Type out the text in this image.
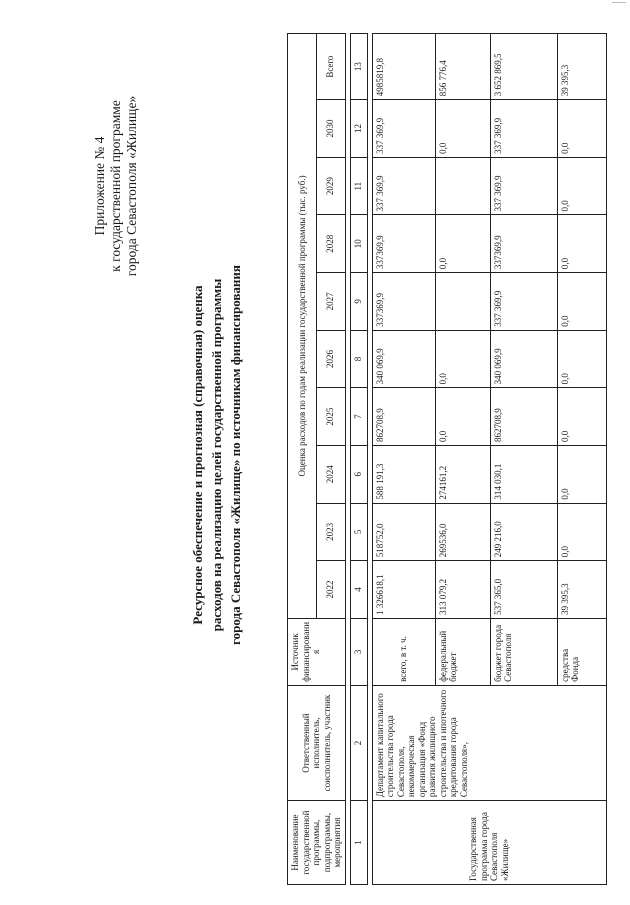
Приложение № 4 к государственной программе города Севастополя «Жилище»
Ресурсное обеспечение и прогнозная (справочная) оценка расходов на реализацию целей государственной программы города Севастополя «Жилище» по источникам финансирования
Наименование государственной программы, подпрограммы, мероприятия	Ответственный исполнитель, соисполнитель, участник	Источник финансирования	Оценка расходов по годам реализации государственной программы (тыс. руб.)									
			2022	2023	2024	2025	2026	2027	2028	2029	2030	Всего

1	2	3	4	5	6	7	8	9	10	11	12	13

Государственная программа города Севастополя «Жилище»	Департамент капитального строительства города Севастополя, некоммерческая организация «Фонд развития жилищного строительства и ипотечного кредитования города Севастополя»,	всего, в т. ч.	1 326618,1	518752,0	588 191,3	862708,9	340 069,9	337369,9	337369,9	337 369,9	337 369,9	4985819,8
		федеральный бюджет	313 079,2	269536,0	274161,2	0,0	0,0		0,0		0,0	856 776,4
		бюджет города Севастополя	537 365,0	249 216,0	314 030,1	862708,9	340 069,9	337 369,9	337369,9	337 369,9	337 369,9	3 652 869,5
		средства Фонда	39 395,3	0,0	0,0	0,0	0,0	0,0	0,0	0,0	0,0	39 395,3
